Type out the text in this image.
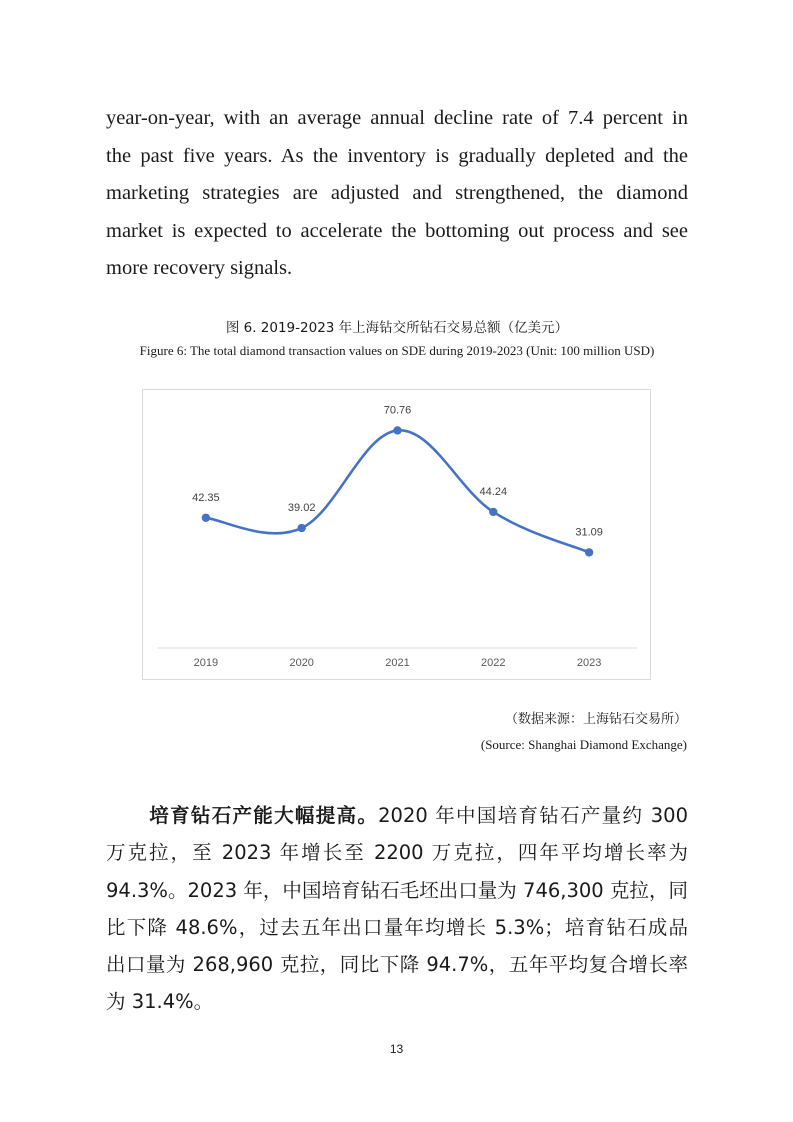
year-on-year, with an average annual decline rate of 7.4 percent in
the past five years. As the inventory is gradually depleted and the
marketing strategies are adjusted and strengthened, the diamond
market is expected to accelerate the bottoming out process and see
more recovery signals.
图 6. 2019-2023 年上海钻交所钻石交易总额（亿美元）
Figure 6: The total diamond transaction values on SDE during 2019-2023 (Unit: 100 million USD)
42.35
2019
39.02
2020
70.76
2021
44.24
2022
31.09
2023
（数据来源：上海钻石交易所）
(Source: Shanghai Diamond Exchange)
培育钻石产能大幅提高。2020 年中国培育钻石产量约 300
万克拉，至 2023 年增长至 2200 万克拉，四年平均增长率为
94.3%。2023 年，中国培育钻石毛坯出口量为 746,300 克拉，同
比下降 48.6%，过去五年出口量年均增长 5.3%；培育钻石成品
出口量为 268,960 克拉，同比下降 94.7%，五年平均复合增长率
为 31.4%。
13
